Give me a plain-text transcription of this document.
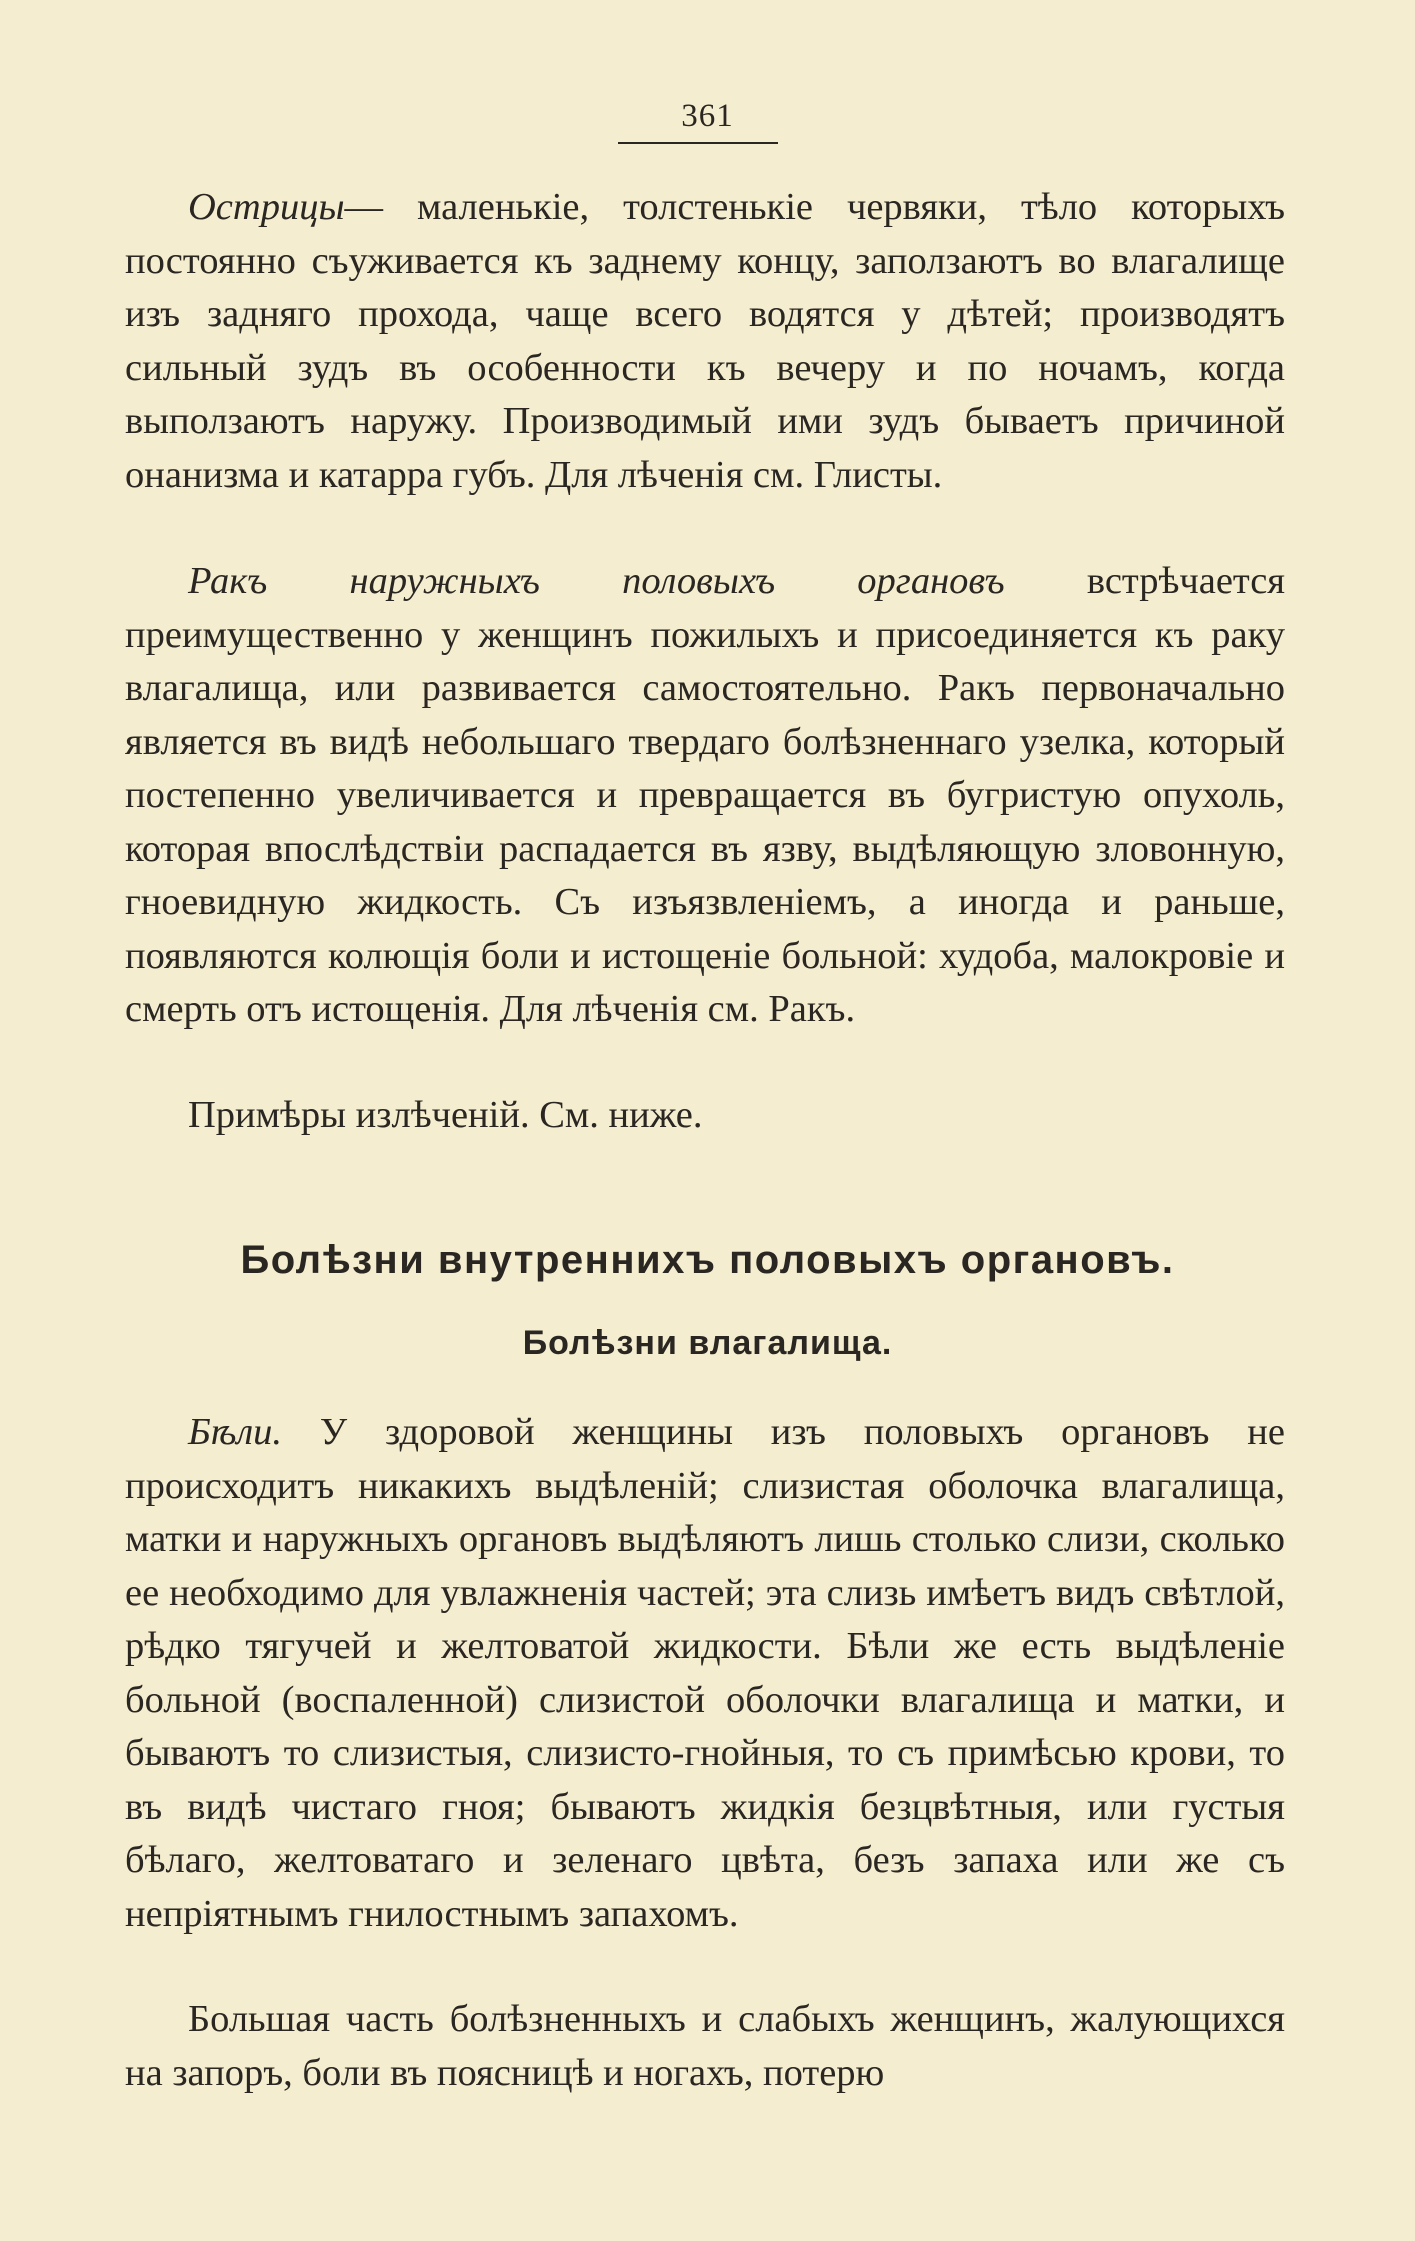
361

Острицы— маленькіе, толстенькіе червяки, тѣло которыхъ постоянно съуживается къ заднему концу, заползаютъ во влагалище изъ задняго прохода, чаще всего водятся у дѣтей; производятъ сильный зудъ въ особенности къ вечеру и по ночамъ, когда выползаютъ наружу. Производимый ими зудъ бываетъ причиной онанизма и катарра губъ. Для лѣченія см. Глисты.

Ракъ наружныхъ половыхъ органовъ встрѣчается преимущественно у женщинъ пожилыхъ и присоединяется къ раку влагалища, или развивается самостоятельно. Ракъ первоначально является въ видѣ небольшаго твердаго болѣзненнаго узелка, который постепенно увеличивается и превращается въ бугристую опухоль, которая впослѣдствіи распадается въ язву, выдѣляющую зловонную, гноевидную жидкость. Съ изъязвленіемъ, а иногда и раньше, появляются колющія боли и истощеніе больной: худоба, малокровіе и смерть отъ истощенія. Для лѣченія см. Ракъ.

Примѣры излѣченій. См. ниже.

Болѣзни внутреннихъ половыхъ органовъ.
Болѣзни влагалища.

Бѣли. У здоровой женщины изъ половыхъ органовъ не происходитъ никакихъ выдѣленій; слизистая оболочка влагалища, матки и наружныхъ органовъ выдѣляютъ лишь столько слизи, сколько ее необходимо для увлажненія частей; эта слизь имѣетъ видъ свѣтлой, рѣдко тягучей и желтоватой жидкости. Бѣли же есть выдѣленіе больной (воспаленной) слизистой оболочки влагалища и матки, и бываютъ то слизистыя, слизисто-гнойныя, то съ примѣсью крови, то въ видѣ чистаго гноя; бываютъ жидкія безцвѣтныя, или густыя бѣлаго, желтоватаго и зеленаго цвѣта, безъ запаха или же съ непріятнымъ гнилостнымъ запахомъ.

Большая часть болѣзненныхъ и слабыхъ женщинъ, жалующихся на запоръ, боли въ поясницѣ и ногахъ, потерю
